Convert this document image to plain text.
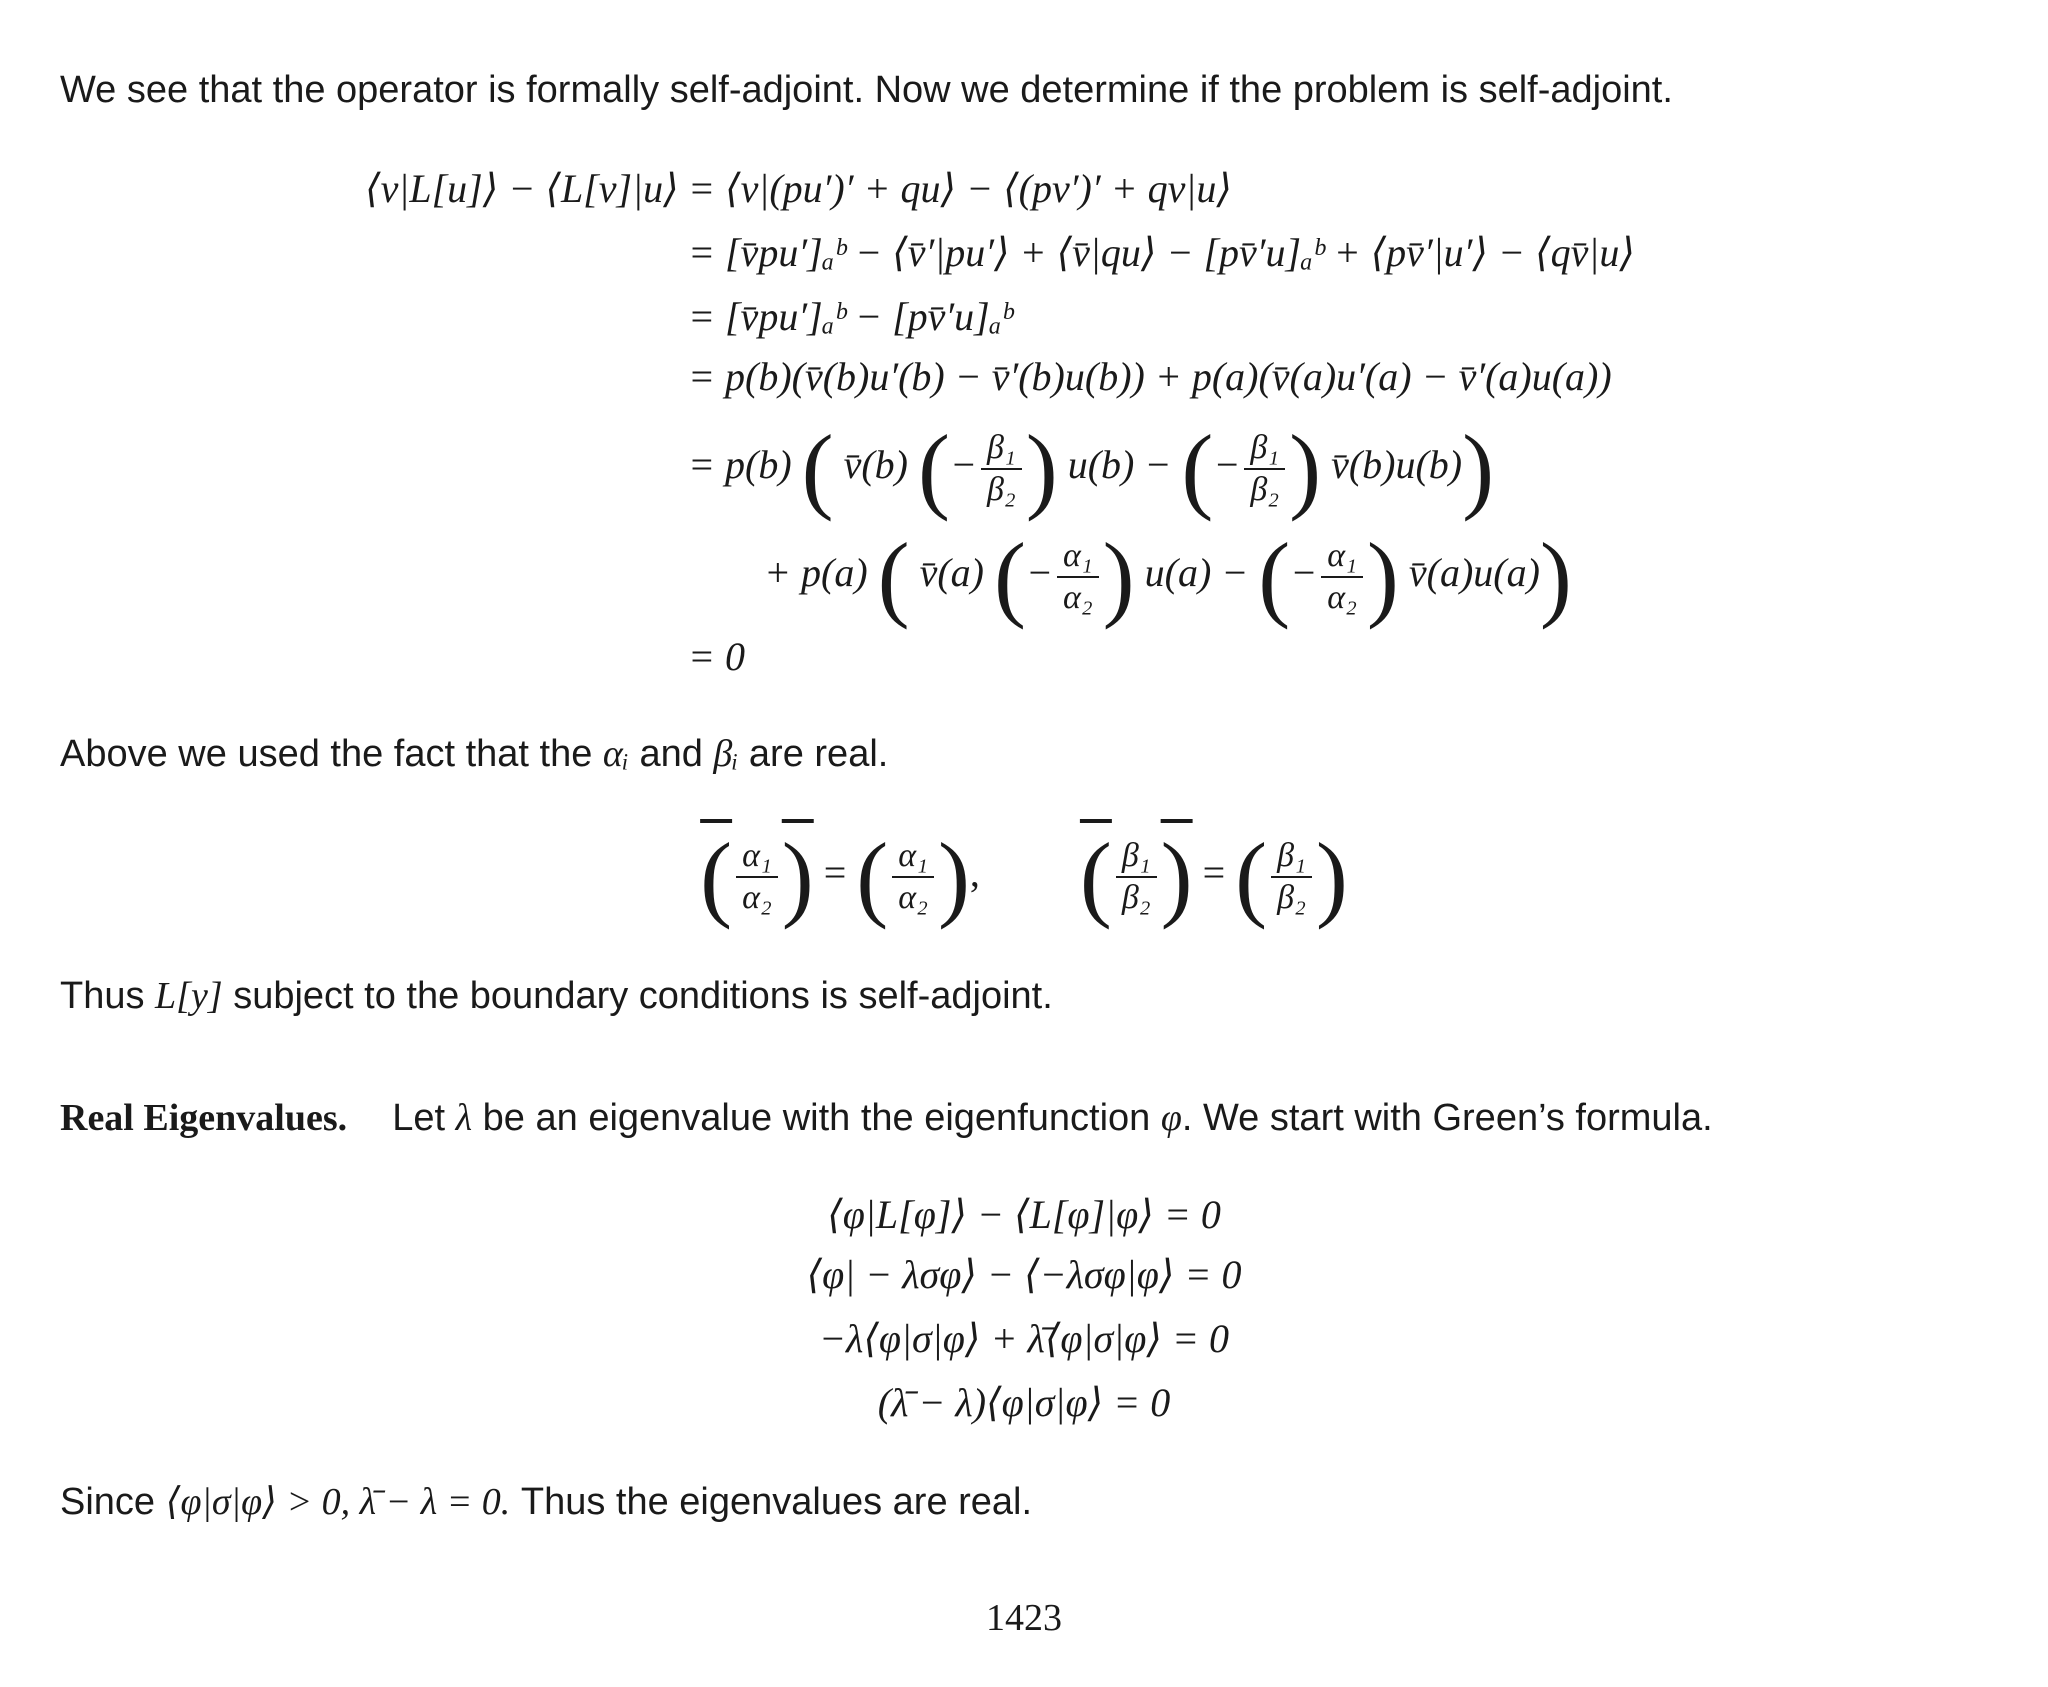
We see that the operator is formally self-adjoint. Now we determine if the problem is self-adjoint.
⟨v|L[u]⟩ − ⟨L[v]|u⟩ = ⟨v|(pu′)′ + qu⟩ − ⟨(pv′)′ + qv|u⟩
= [v̄pu′]ₐᵇ − ⟨v̄′|pu′⟩ + ⟨v̄|qu⟩ − [pv̄′u]ₐᵇ + ⟨pv̄′|u′⟩ − ⟨qv̄|u⟩
= [v̄pu′]ₐᵇ − [pv̄′u]ₐᵇ
= p(b)(v̄(b)u′(b) − v̄′(b)u(b)) + p(a)(v̄(a)u′(a) − v̄′(a)u(a))
= p(b) ( v̄(b) (− $\frac{\text{β₁}}{\text{β₂}}$ ) u(b) − (− $\frac{\text{β₁}}{\text{β₂}}$ ) v̄(b)u(b))
+ p(a) ( v̄(a) (− $\frac{\text{α₁}}{\text{α₂}}$ ) u(a) − (− $\frac{\text{α₁}}{\text{α₂}}$ ) v̄(a)u(a))
= 0
Above we used the fact that the αᵢ and βᵢ are real.
( $\frac{\text{α₁}}{\text{α₂}}$ ) = ( $\frac{\text{α₁}}{\text{α₂}}$ ), ( $\frac{\text{β₁}}{\text{β₂}}$ ) = ( $\frac{\text{β₁}}{\text{β₂}}$ )
Thus L[y] subject to the boundary conditions is self-adjoint.
Real Eigenvalues. Let λ be an eigenvalue with the eigenfunction φ. We start with Green’s formula.
⟨φ|L[φ]⟩ − ⟨L[φ]|φ⟩ = 0
⟨φ| − λσφ⟩ − ⟨−λσφ|φ⟩ = 0
−λ⟨φ|σ|φ⟩ + λ̄⟨φ|σ|φ⟩ = 0
(λ̄ − λ)⟨φ|σ|φ⟩ = 0
Since ⟨φ|σ|φ⟩ > 0, λ̄ − λ = 0. Thus the eigenvalues are real.
1423
